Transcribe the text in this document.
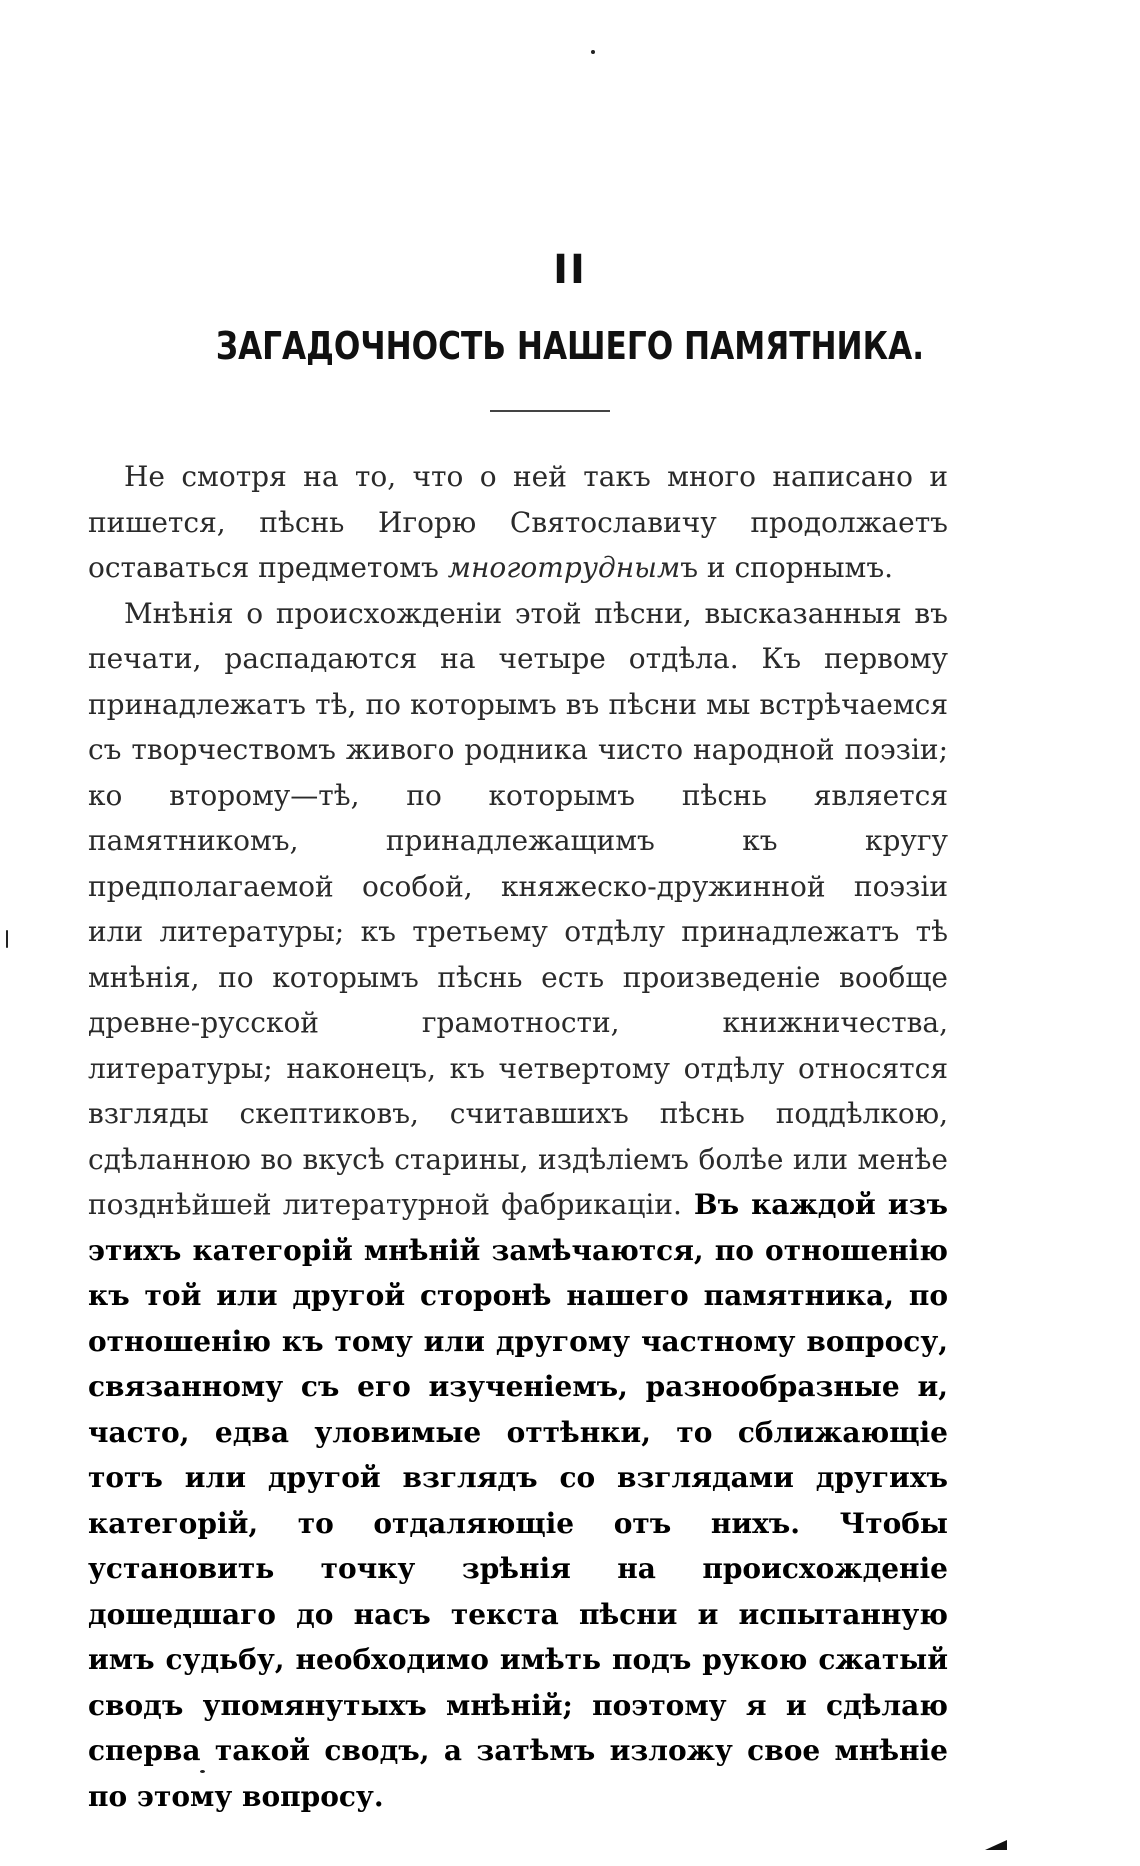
II
ЗАГАДОЧНОСТЬ НАШЕГО ПАМЯТНИКА.

Не смотря на то, что о ней такъ много написано и пишется, пѣснь Игорю Святославичу продолжаетъ оставаться предметомъ многотруднымъ и спорнымъ.

Мнѣнія о происхожденіи этой пѣсни, высказанныя въ печати, распадаются на четыре отдѣла. Къ первому принадлежатъ тѣ, по которымъ въ пѣсни мы встрѣчаемся съ творчествомъ живого родника чисто народной поэзіи; ко второму—тѣ, по которымъ пѣснь является памятникомъ, принадлежащимъ къ кругу предполагаемой особой, княжеско-дружинной поэзіи или литературы; къ третьему отдѣлу принадлежатъ тѣ мнѣнія, по которымъ пѣснь есть произведеніе вообще древне-русской грамотности, книжничества, литературы; наконецъ, къ четвертому отдѣлу относятся взгляды скептиковъ, считавшихъ пѣснь поддѣлкою, сдѣланною во вкусѣ старины, издѣліемъ болѣе или менѣе позднѣйшей литературной фабрикаціи. Въ каждой изъ этихъ категорій мнѣній замѣчаются, по отношенію къ той или другой сторонѣ нашего памятника, по отношенію къ тому или другому частному вопросу, связанному съ его изученіемъ, разнообразные и, часто, едва уловимые оттѣнки, то сближающіе тотъ или другой взглядъ со взглядами другихъ категорій, то отдаляющіе отъ нихъ. Чтобы установить точку зрѣнія на происхожденіе дошедшаго до насъ текста пѣсни и испытанную имъ судьбу, необходимо имѣть подъ рукою сжатый сводъ упомянутыхъ мнѣній; поэтому я и сдѣлаю сперва такой сводъ, а затѣмъ изложу свое мнѣніе по этому вопросу.
